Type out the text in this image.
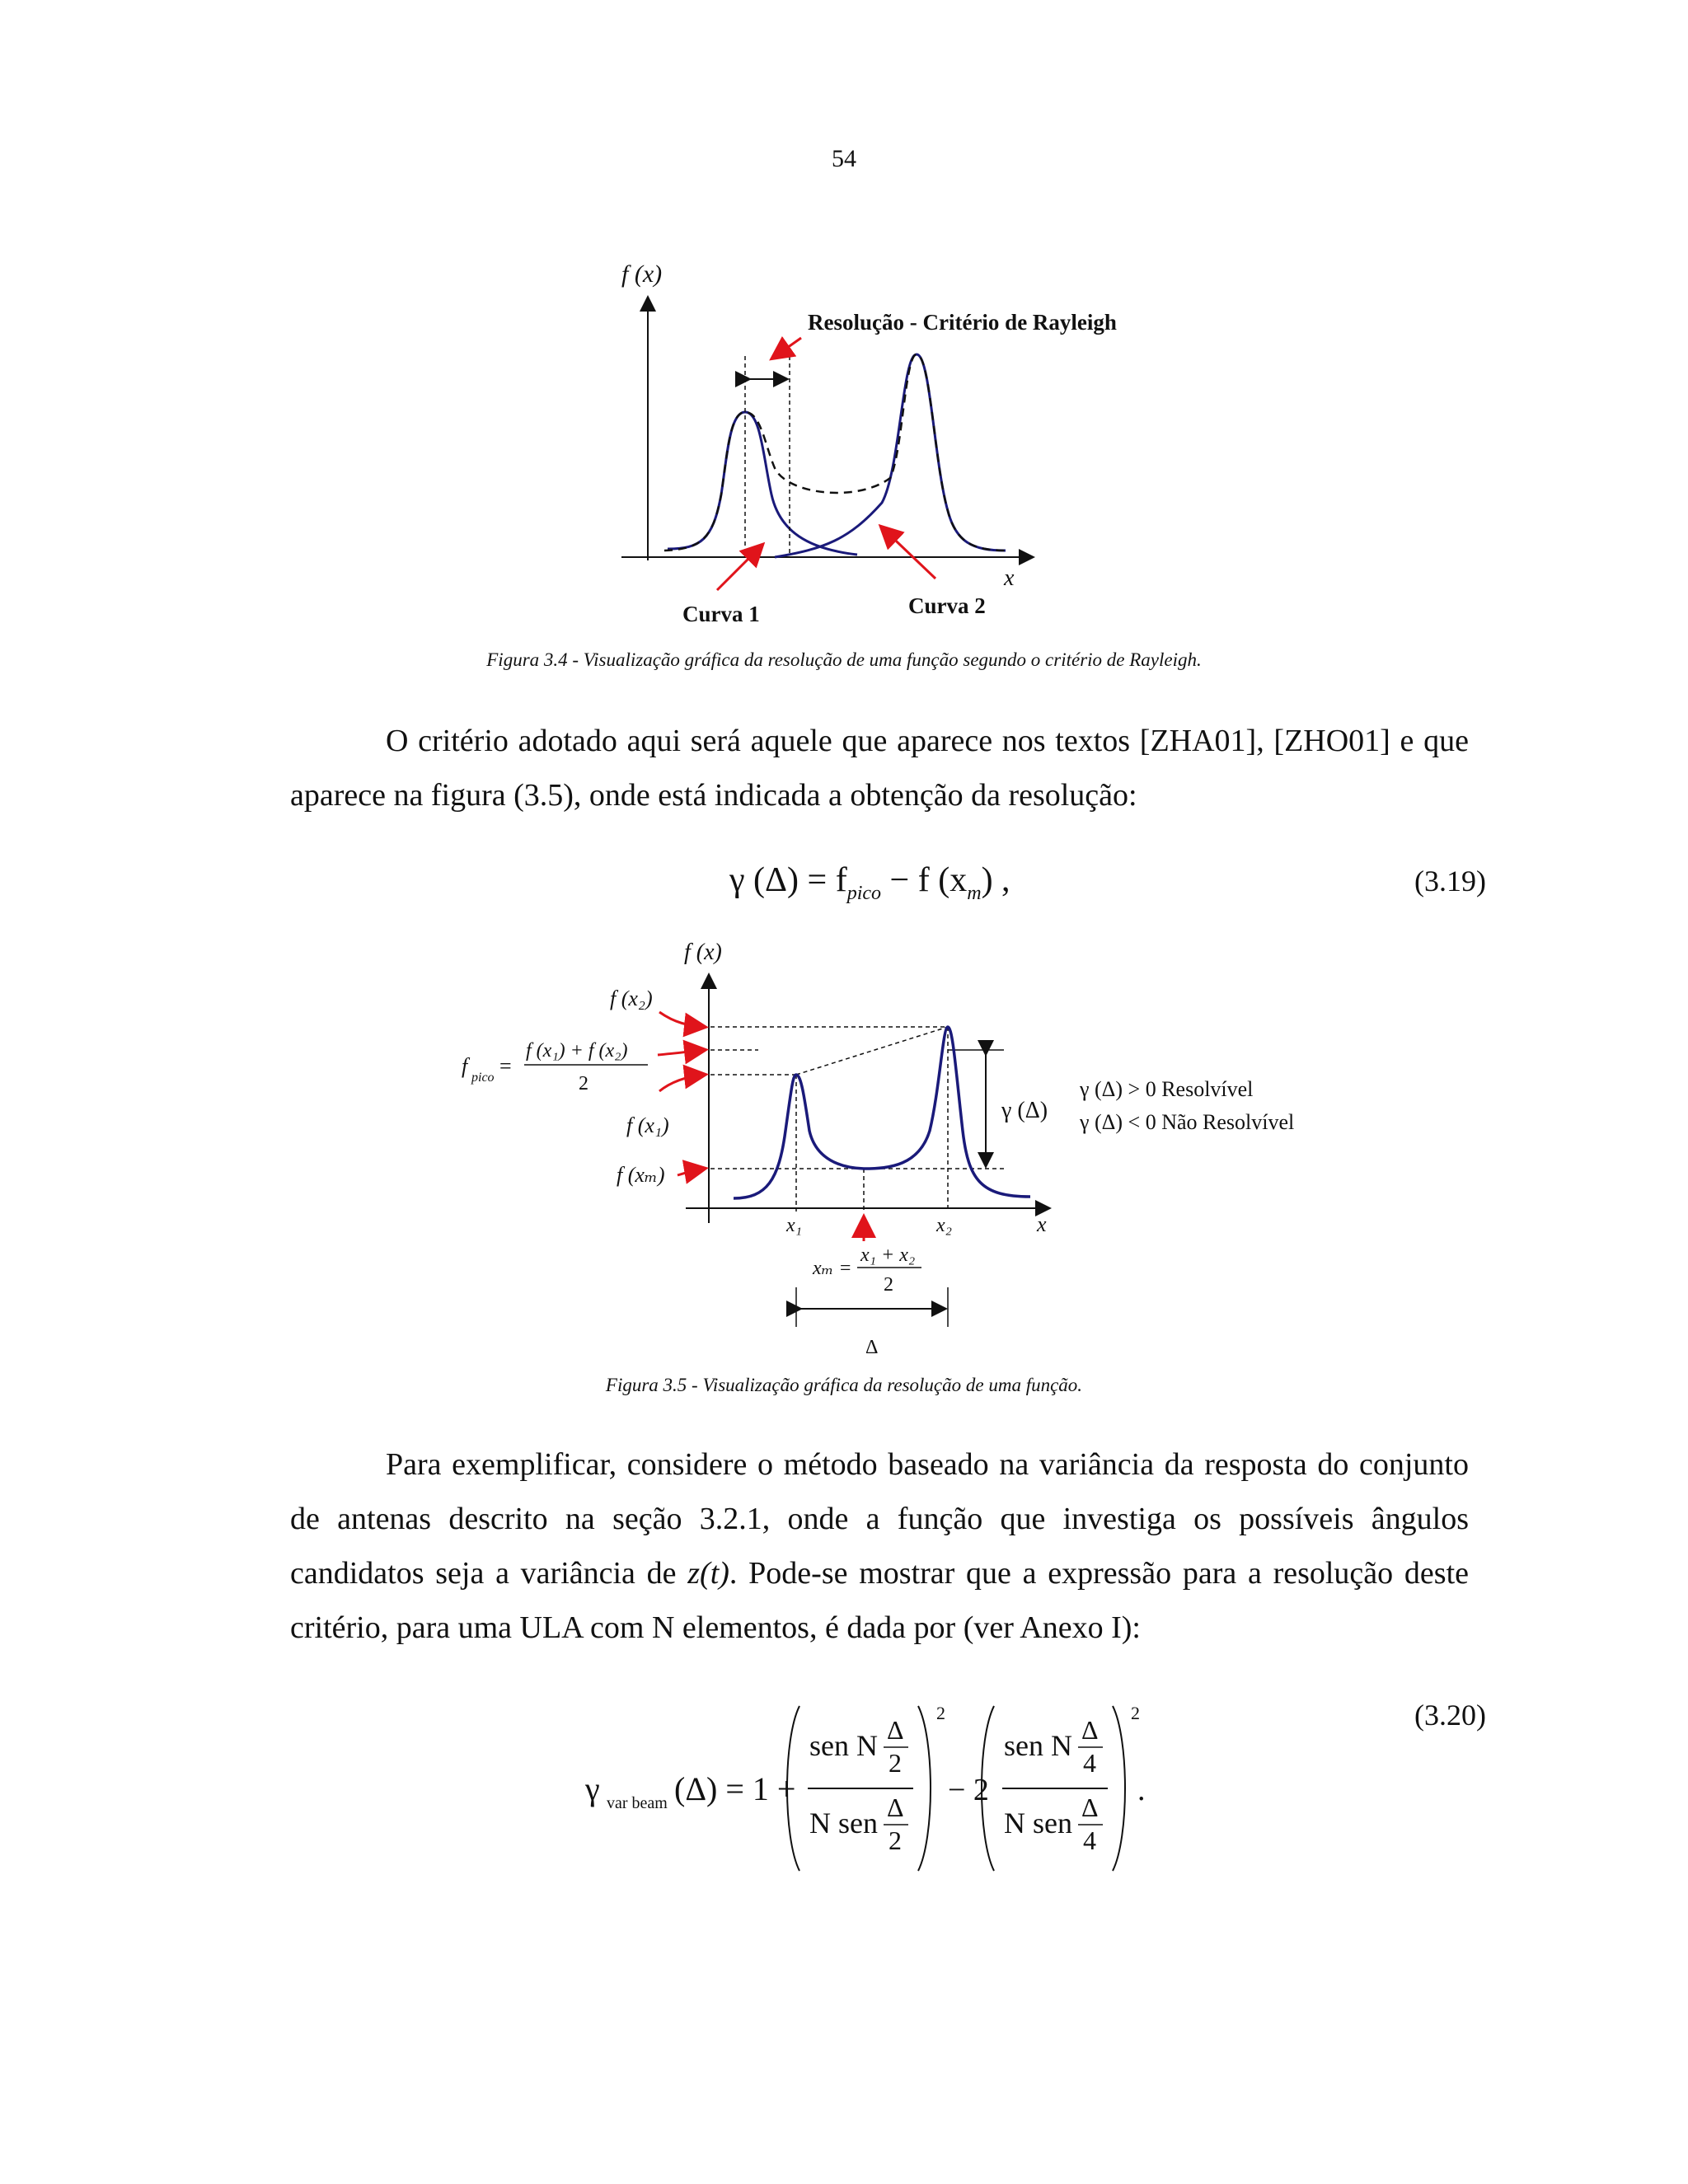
54
f (x)
x
Resolução - Critério de Rayleigh
Curva 1	Curva 2
Figura 3.4 - Visualização gráfica da resolução de uma função segundo o critério de Rayleigh.

O critério adotado aqui será aquele que aparece nos textos [ZHA01], [ZHO01] e que aparece na figura (3.5), onde está indicada a obtenção da resolução:

γ $(\Delta) = f_{pico} - f$ $(x_m)$ ,	(3.19)
f (x)
x
γ (Δ)
γ (Δ) > 0 Resolvível
γ (Δ) < 0 Não Resolvível
f (x₂)
f pico =
f (x₁) + f (x₂)
2
f (x₁)
f (xₘ)
x₁	x₂
xₘ =
x₁ + x₂
2
Δ
Figura 3.5 - Visualização gráfica da resolução de uma função.

Para exemplificar, considere o método baseado na variância da resposta do conjunto de antenas descrito na seção 3.2.1, onde a função que investiga os possíveis ângulos candidatos seja a variância de z(t). Pode-se mostrar que a expressão para a resolução deste critério, para uma ULA com N elementos, é dada por (ver Anexo I):

γ var beam (Δ) = 1 +
sen N Δ
2
N sen Δ
2
2
− 2
sen N Δ
4
N sen Δ
4
2
.
(3.20)
